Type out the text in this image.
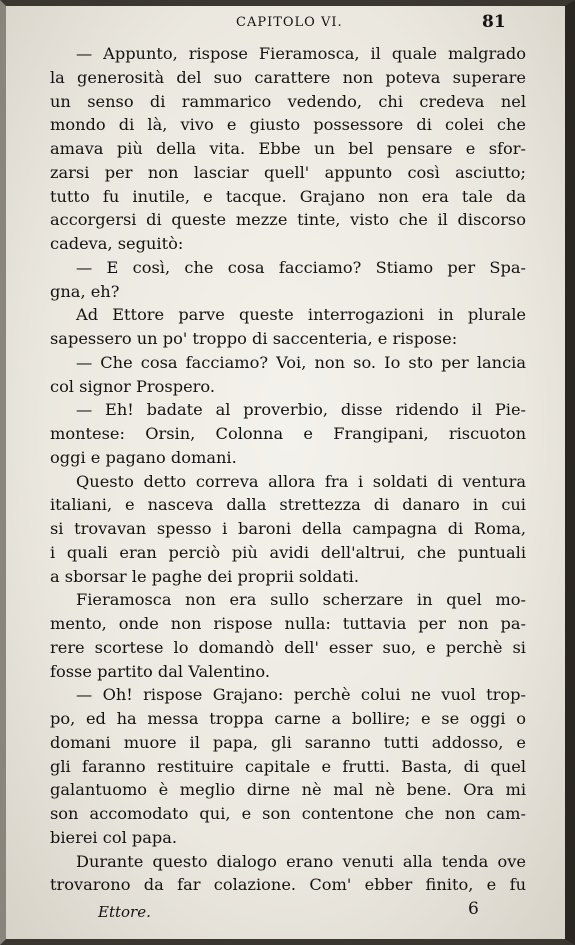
CAPITOLO VI.	81
— Appunto, rispose Fieramosca, il quale malgrado
la generosità del suo carattere non poteva superare
un senso di rammarico vedendo, chi credeva nel
mondo di là, vivo e giusto possessore di colei che
amava più della vita. Ebbe un bel pensare e sfor-
zarsi per non lasciar quell' appunto così asciutto;
tutto fu inutile, e tacque. Grajano non era tale da
accorgersi di queste mezze tinte, visto che il discorso
cadeva, seguitò:
— E così, che cosa facciamo? Stiamo per Spa-
gna, eh?
Ad Ettore parve queste interrogazioni in plurale
sapessero un po' troppo di saccenteria, e rispose:
— Che cosa facciamo? Voi, non so. Io sto per lancia
col signor Prospero.
— Eh! badate al proverbio, disse ridendo il Pie-
montese: Orsin, Colonna e Frangipani, riscuoton
oggi e pagano domani.
Questo detto correva allora fra i soldati di ventura
italiani, e nasceva dalla strettezza di danaro in cui
si trovavan spesso i baroni della campagna di Roma,
i quali eran perciò più avidi dell'altrui, che puntuali
a sborsar le paghe dei proprii soldati.
Fieramosca non era sullo scherzare in quel mo-
mento, onde non rispose nulla: tuttavia per non pa-
rere scortese lo domandò dell' esser suo, e perchè si
fosse partito dal Valentino.
— Oh! rispose Grajano: perchè colui ne vuol trop-
po, ed ha messa troppa carne a bollire; e se oggi o
domani muore il papa, gli saranno tutti addosso, e
gli faranno restituire capitale e frutti. Basta, di quel
galantuomo è meglio dirne nè mal nè bene. Ora mi
son accomodato qui, e son contentone che non cam-
bierei col papa.
Durante questo dialogo erano venuti alla tenda ove
trovarono da far colazione. Com' ebber finito, e fu
Ettore.	6
